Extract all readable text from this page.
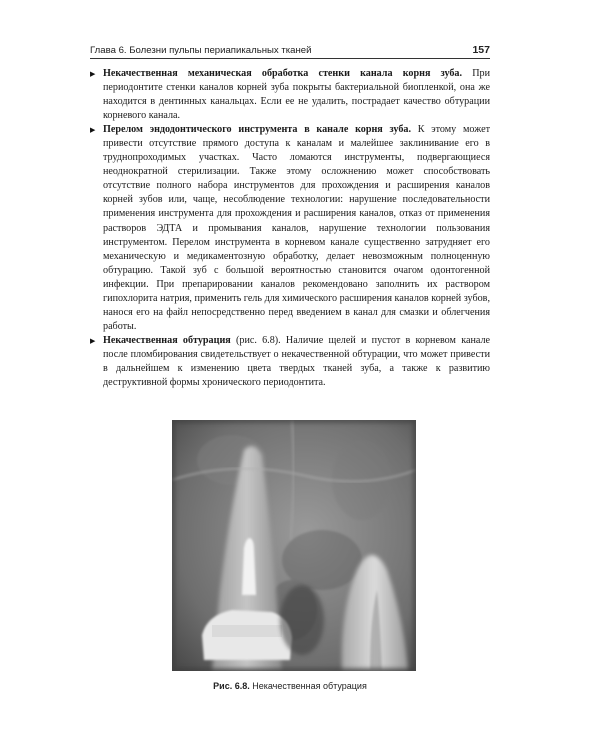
Глава 6. Болезни пульпы периапикальных тканей	157

▶ Некачественная механическая обработка стенки канала корня зуба. При периодонтите стенки каналов корней зуба покрыты бактериальной биопленкой, она же находится в дентинных канальцах. Если ее не удалить, пострадает качество обтурации корневого канала.

▶ Перелом эндодонтического инструмента в канале корня зуба. К этому может привести отсутствие прямого доступа к каналам и малейшее заклинивание его в труднопроходимых участках. Часто ломаются инструменты, подвергающиеся неоднократной стерилизации. Также этому осложнению может способствовать отсутствие полного набора инструментов для прохождения и расширения каналов корней зубов или, чаще, несоблюдение технологии: нарушение последовательности применения инструмента для прохождения и расширения каналов, отказ от применения растворов ЭДТА и промывания каналов, нарушение технологии пользования инструментом. Перелом инструмента в корневом канале существенно затрудняет его механическую и медикаментозную обработку, делает невозможным полноценную обтурацию. Такой зуб с большой вероятностью становится очагом одонтогенной инфекции. При препарировании каналов рекомендовано заполнить их раствором гипохлорита натрия, применить гель для химического расширения каналов корней зубов, нанося его на файл непосредственно перед введением в канал для смазки и облегчения работы.

▶ Некачественная обтурация (рис. 6.8). Наличие щелей и пустот в корневом канале после пломбирования свидетельствует о некачественной обтурации, что может привести в дальнейшем к изменению цвета твердых тканей зуба, а также к развитию деструктивной формы хронического периодонтита.

Рис. 6.8. Некачественная обтурация
